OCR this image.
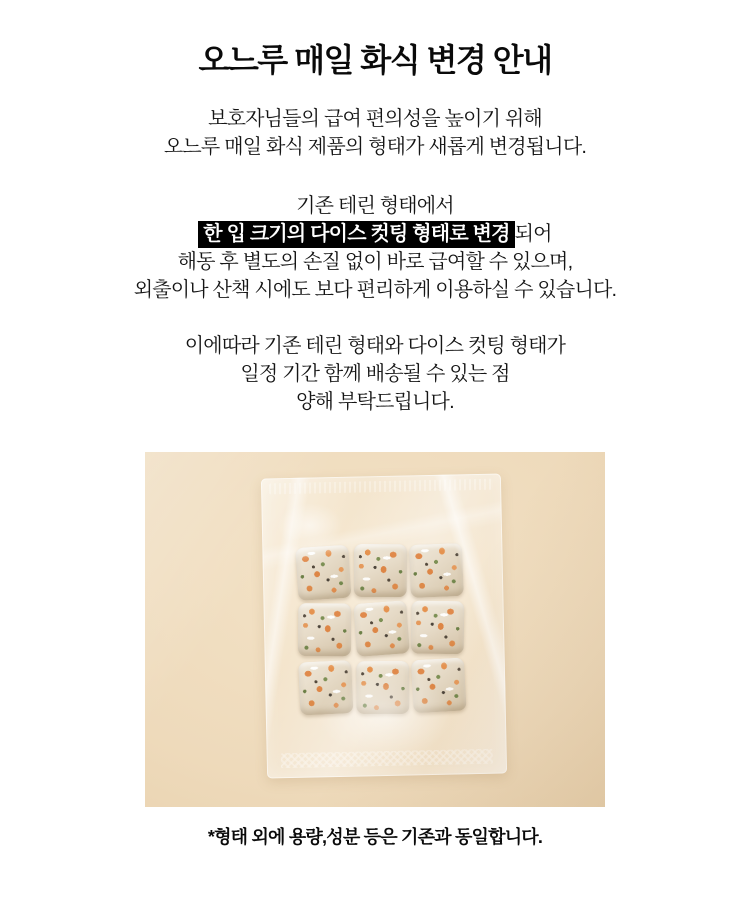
오느루 매일 화식 변경 안내

보호자님들의 급여 편의성을 높이기 위해
오느루 매일 화식 제품의 형태가 새롭게 변경됩니다.

기존 테린 형태에서
한 입 크기의 다이스 컷팅 형태로 변경 되어
해동 후 별도의 손질 없이 바로 급여할 수 있으며,
외출이나 산책 시에도 보다 편리하게 이용하실 수 있습니다.

이에따라 기존 테린 형태와 다이스 컷팅 형태가
일정 기간 함께 배송될 수 있는 점
양해 부탁드립니다.

*형태 외에 용량,성분 등은 기존과 동일합니다.
